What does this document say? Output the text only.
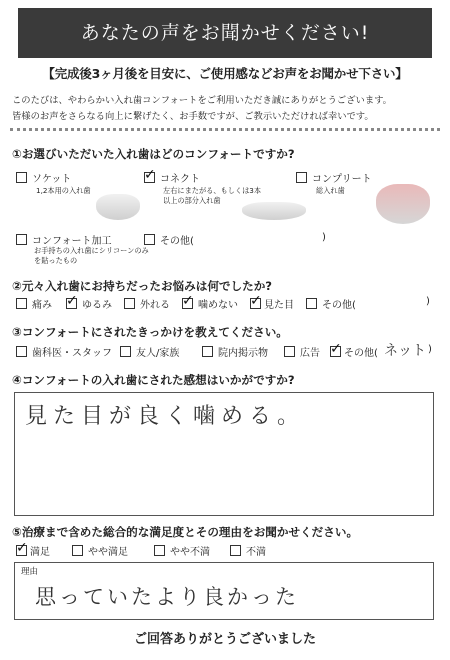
あなたの声をお聞かせください!
【完成後3ヶ月後を目安に、ご使用感などお声をお聞かせ下さい】
このたびは、やわらかい入れ歯コンフォートをご利用いただき誠にありがとうございます。
皆様のお声をさらなる向上に繋げたく、お手数ですが、ご教示いただければ幸いです。
①お選びいただいた入れ歯はどのコンフォートですか?
ソケット
1,2本用の入れ歯
✓
コネクト
左右にまたがる、もしくは3本以上の部分入れ歯
コンプリート
総入れ歯
コンフォート加工
お手持ちの入れ歯にシリコーンのみを貼ったもの
その他(	)
②元々入れ歯にお持ちだったお悩みは何でしたか?
痛み ✓	ゆるみ	外れる ✓	噛めない ✓	見た目	その他(	)
③コンフォートにされたきっかけを教えてください。
歯科医・スタッフ 友人/家族	院内掲示物	広告 ✓ その他( ネット )
④コンフォートの入れ歯にされた感想はいかがですか?
見た目が良く噛める。
⑤治療まで含めた総合的な満足度とその理由をお聞かせください。
✓
満足	やや満足	やや不満	不満
理由
思っていたより良かった
ご回答ありがとうございました
